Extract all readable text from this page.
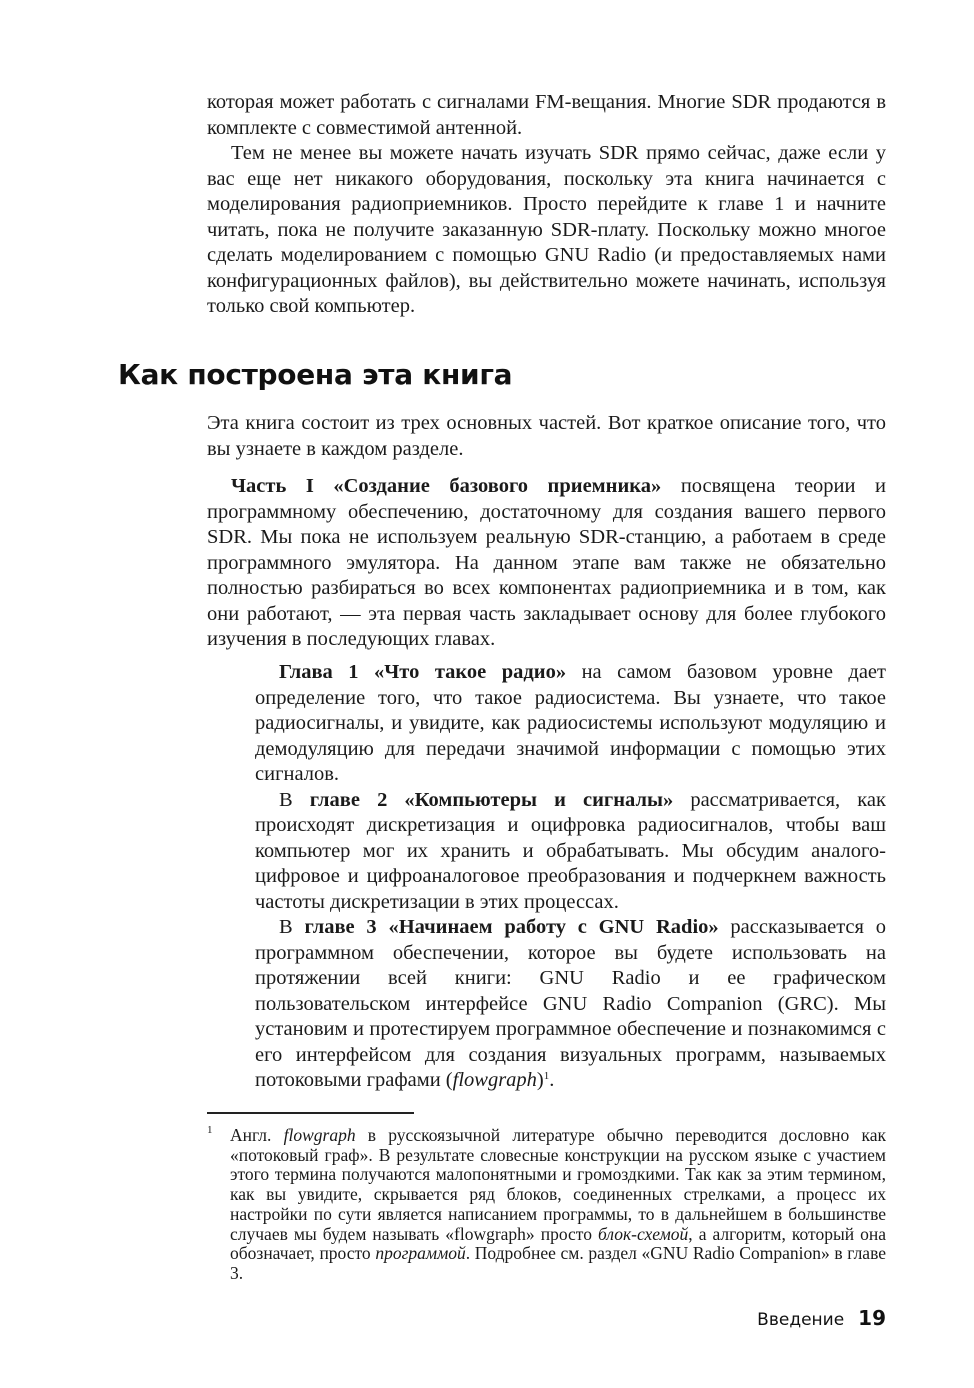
которая может работать с сигналами FM-вещания. Многие SDR продаются в комплекте с совместимой антенной.

Тем не менее вы можете начать изучать SDR прямо сейчас, даже если у вас еще нет никакого оборудования, поскольку эта книга начинается с моделирования радиоприемников. Просто перейдите к главе 1 и начните читать, пока не получите заказанную SDR-плату. Поскольку можно многое сделать моделированием с помощью GNU Radio (и предоставляемых нами конфигурационных файлов), вы действительно можете начинать, используя только свой компьютер.

Как построена эта книга

Эта книга состоит из трех основных частей. Вот краткое описание того, что вы узнаете в каждом разделе.

Часть I «Создание базового приемника» посвящена теории и программному обеспечению, достаточному для создания вашего первого SDR. Мы пока не используем реальную SDR-станцию, а работаем в среде программного эмулятора. На данном этапе вам также не обязательно полностью разбираться во всех компонентах радиоприемника и в том, как они работают, — эта первая часть закладывает основу для более глубокого изучения в последующих главах.

Глава 1 «Что такое радио» на самом базовом уровне дает определение того, что такое радиосистема. Вы узнаете, что такое радиосигналы, и увидите, как радиосистемы используют модуляцию и демодуляцию для передачи значимой информации с помощью этих сигналов.

В главе 2 «Компьютеры и сигналы» рассматривается, как происходят дискретизация и оцифровка радиосигналов, чтобы ваш компьютер мог их хранить и обрабатывать. Мы обсудим аналого-цифровое и цифроаналоговое преобразования и подчеркнем важность частоты дискретизации в этих процессах.

В главе 3 «Начинаем работу с GNU Radio» рассказывается о программном обеспечении, которое вы будете использовать на протяжении всей книги: GNU Radio и ее графическом пользовательском интерфейсе GNU Radio Companion (GRC). Мы установим и протестируем программное обеспечение и познакомимся с его интерфейсом для создания визуальных программ, называемых потоковыми графами (flowgraph)$^1$.

1 Англ. flowgraph в русскоязычной литературе обычно переводится дословно как «потоковый граф». В результате словесные конструкции на русском языке с участием этого термина получаются малопонятными и громоздкими. Так как за этим термином, как вы увидите, скрывается ряд блоков, соединенных стрелками, а процесс их настройки по сути является написанием программы, то в дальнейшем в большинстве случаев мы будем называть «flowgraph» просто блок-схемой, а алгоритм, который она обозначает, просто программой. Подробнее см. раздел «GNU Radio Companion» в главе 3.

Введение 19
